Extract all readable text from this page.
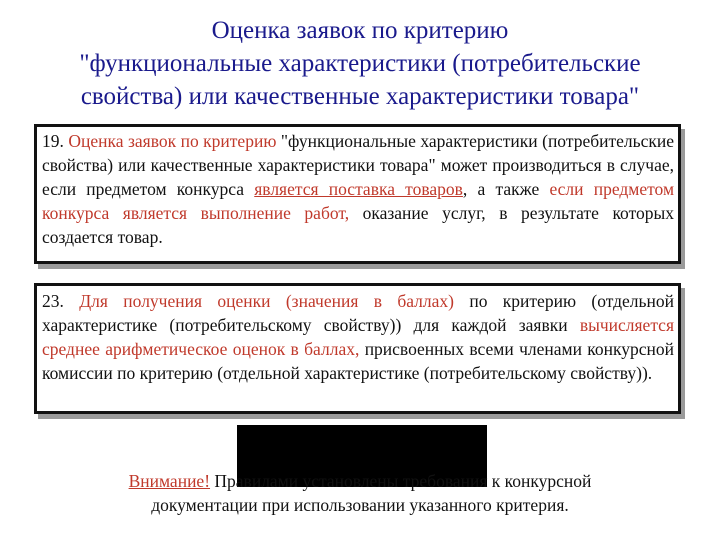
Оценка заявок по критерию
"функциональные характеристики (потребительские
свойства) или качественные характеристики товара"
19. Оценка заявок по критерию "функциональные характеристики (потребительские свойства) или качественные характеристики товара" может производиться в случае, если предметом конкурса является поставка товаров, а также если предметом конкурса является выполнение работ, оказание услуг, в результате которых создается товар.
23. Для получения оценки (значения в баллах) по критерию (отдельной характеристике (потребительскому свойству)) для каждой заявки вычисляется среднее арифметическое оценок в баллах, присвоенных всеми членами конкурсной комиссии по критерию (отдельной характеристике (потребительскому свойству)).
Внимание! Правилами установлены требования к конкурсной
документации при использовании указанного критерия.
